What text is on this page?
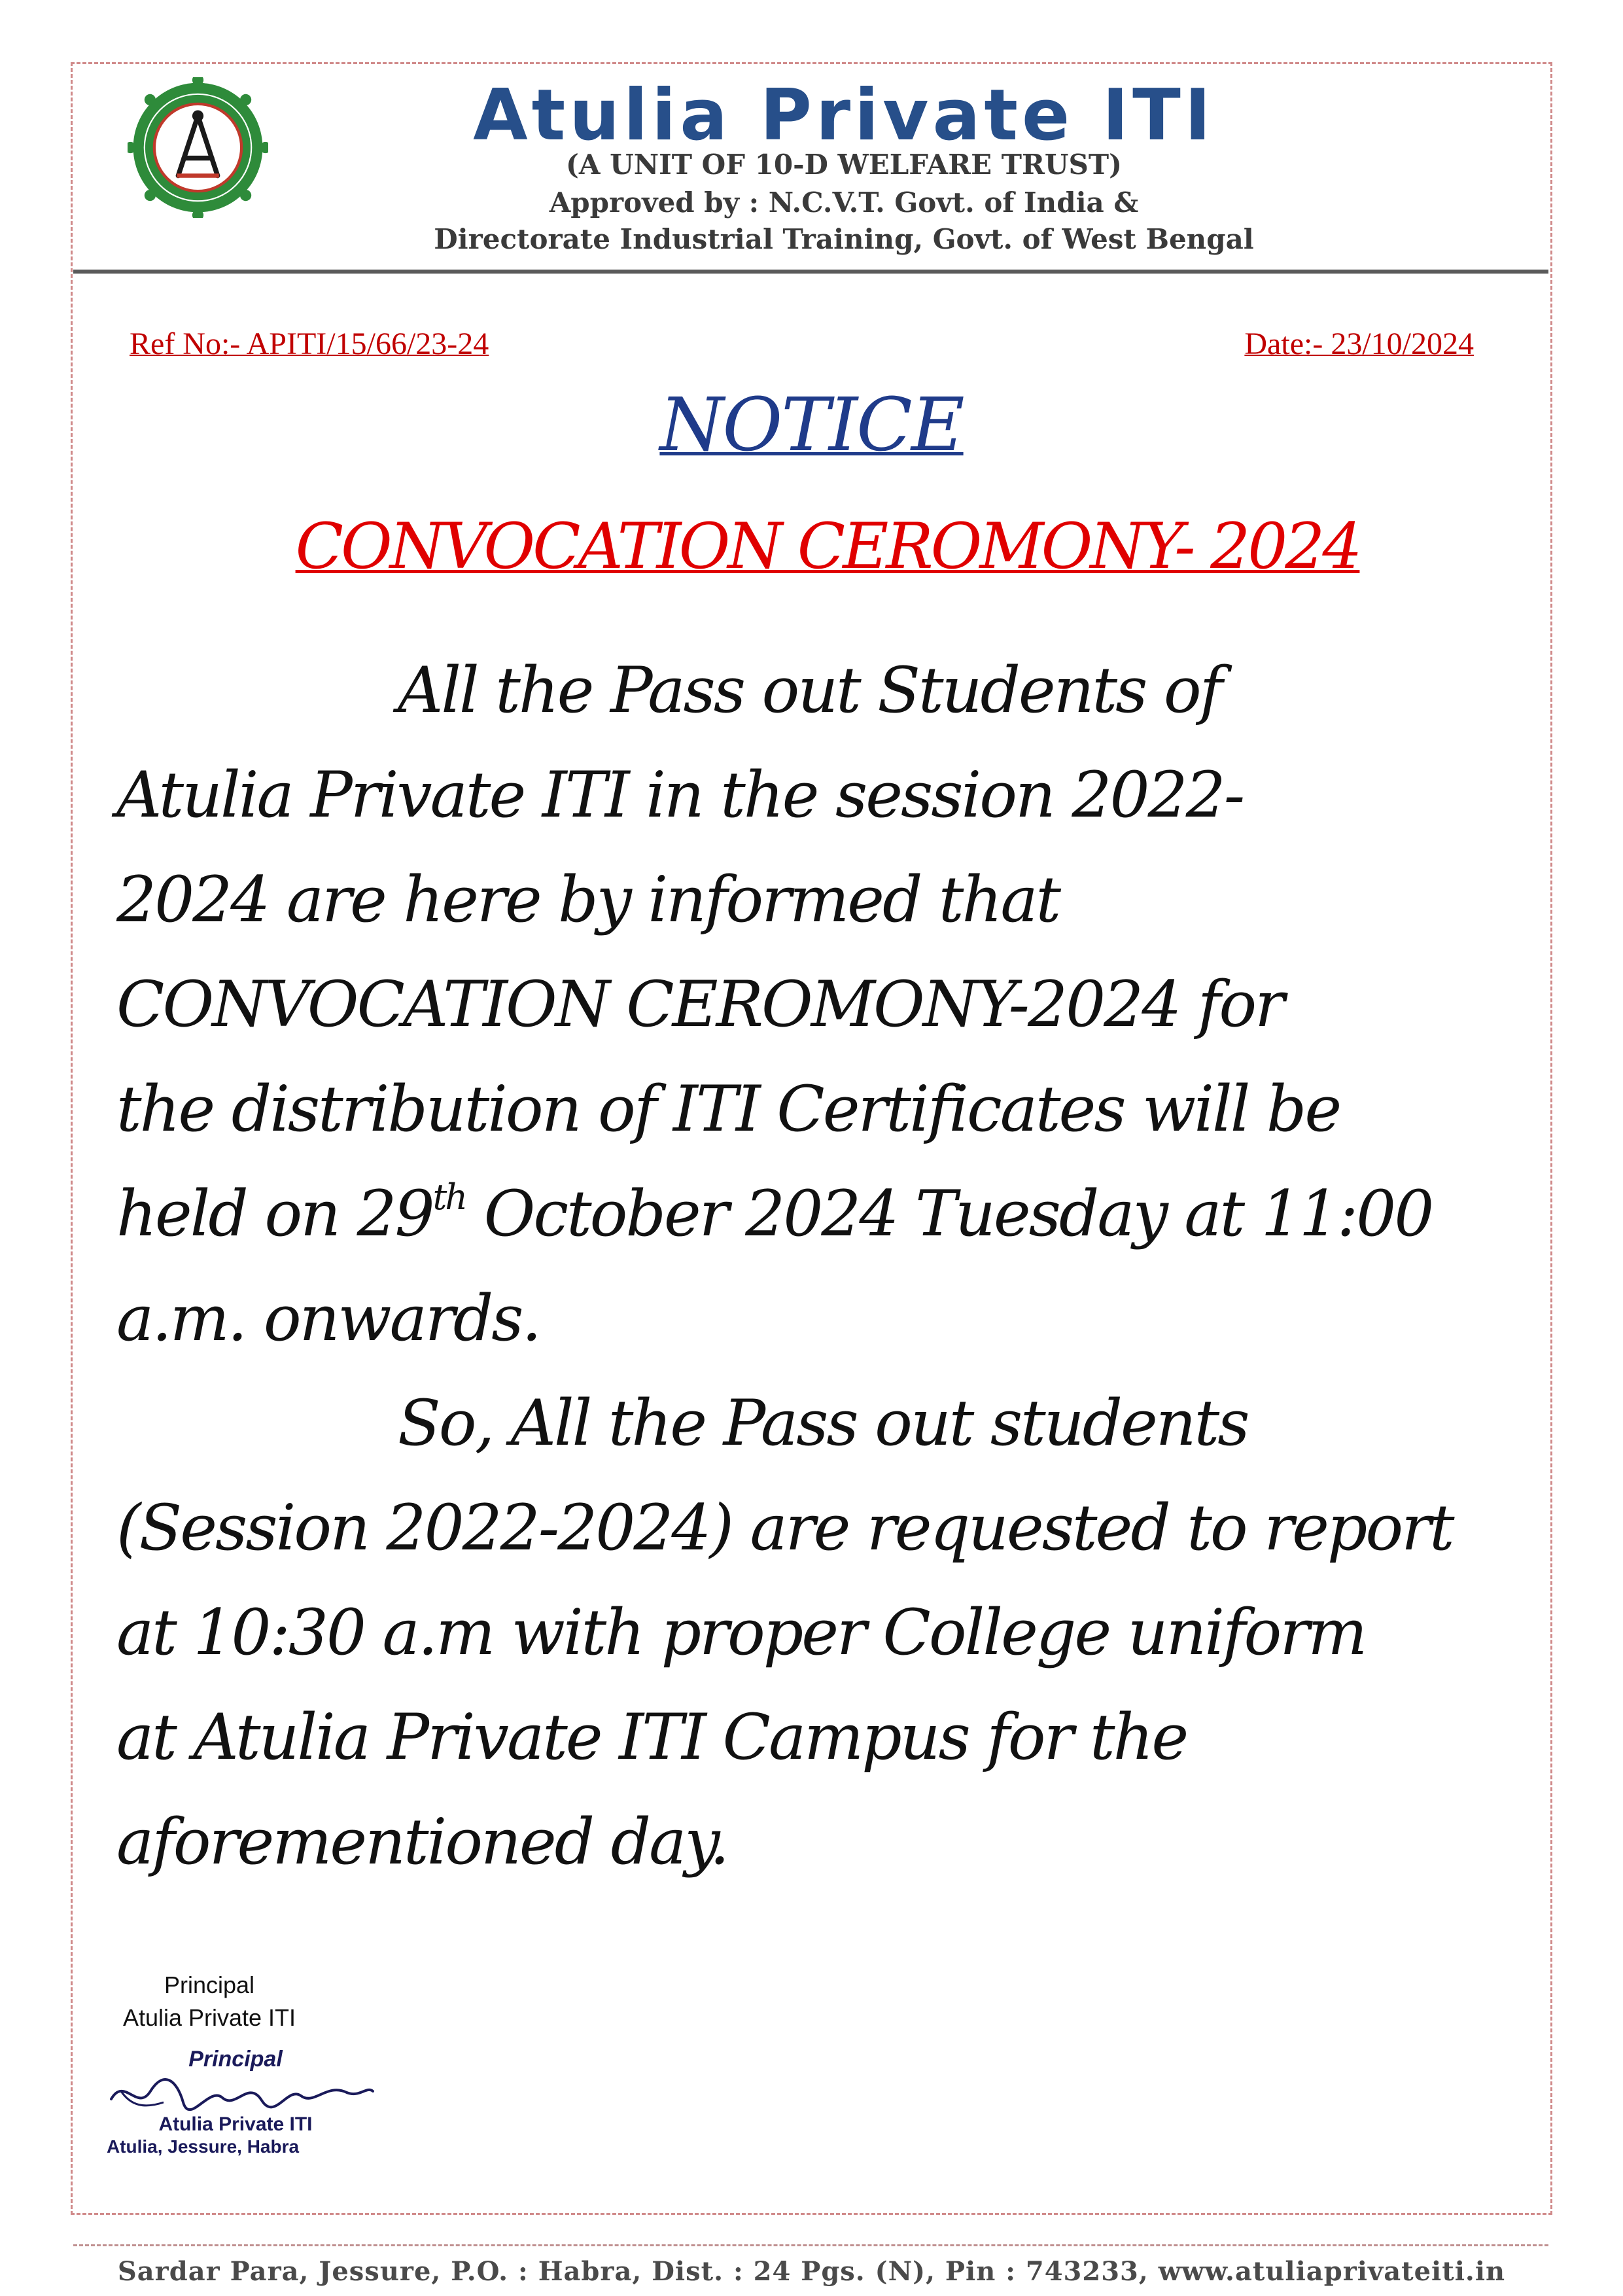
Atulia Private ITI
(A UNIT OF 10-D WELFARE TRUST)
Approved by : N.C.V.T. Govt. of India &
Directorate Industrial Training, Govt. of West Bengal
Ref No:- APITI/15/66/23-24	Date:- 23/10/2024
NOTICE
CONVOCATION CEROMONY- 2024
All the Pass out Students of
Atulia Private ITI in the session 2022-
2024 are here by informed that
CONVOCATION CEROMONY-2024 for
the distribution of ITI Certificates will be
held on 29th October 2024 Tuesday at 11:00
a.m. onwards.
So, All the Pass out students
(Session 2022-2024) are requested to report
at 10:30 a.m with proper College uniform
at Atulia Private ITI Campus for the
aforementioned day.
Principal
Atulia Private ITI
Principal
Atulia Private ITI
Atulia, Jessure, Habra
Sardar Para, Jessure, P.O. : Habra, Dist. : 24 Pgs. (N), Pin : 743233, www.atuliaprivateiti.in
